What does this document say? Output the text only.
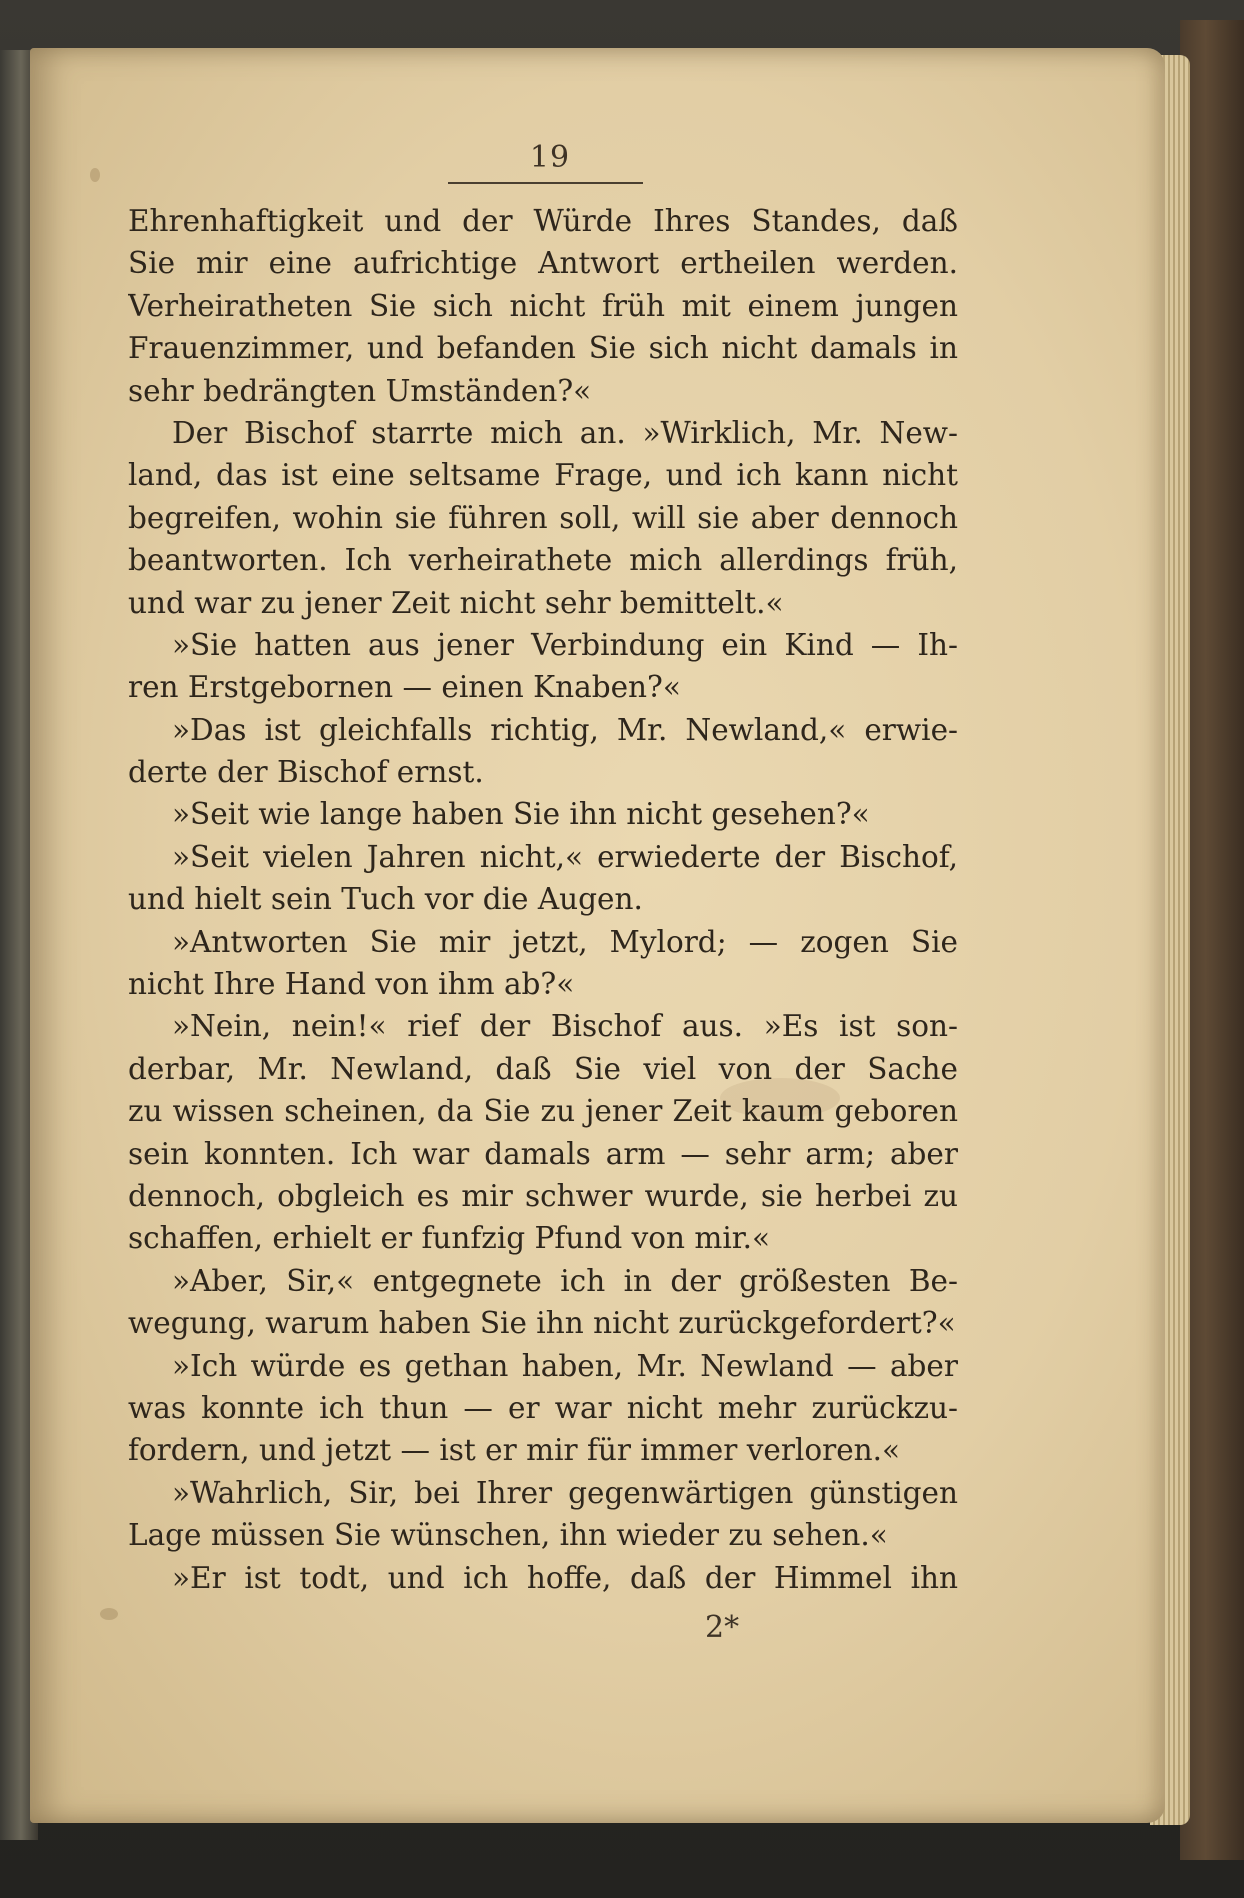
19
Ehrenhaftigkeit und der Würde Ihres Standes, daß
Sie mir eine aufrichtige Antwort ertheilen werden.
Verheiratheten Sie sich nicht früh mit einem jungen
Frauenzimmer, und befanden Sie sich nicht damals in
sehr bedrängten Umständen?«
Der Bischof starrte mich an. »Wirklich, Mr. New-
land, das ist eine seltsame Frage, und ich kann nicht
begreifen, wohin sie führen soll, will sie aber dennoch
beantworten. Ich verheirathete mich allerdings früh,
und war zu jener Zeit nicht sehr bemittelt.«
»Sie hatten aus jener Verbindung ein Kind — Ih-
ren Erstgebornen — einen Knaben?«
»Das ist gleichfalls richtig, Mr. Newland,« erwie-
derte der Bischof ernst.
»Seit wie lange haben Sie ihn nicht gesehen?«
»Seit vielen Jahren nicht,« erwiederte der Bischof,
und hielt sein Tuch vor die Augen.
»Antworten Sie mir jetzt, Mylord; — zogen Sie
nicht Ihre Hand von ihm ab?«
»Nein, nein!« rief der Bischof aus. »Es ist son-
derbar, Mr. Newland, daß Sie viel von der Sache
zu wissen scheinen, da Sie zu jener Zeit kaum geboren
sein konnten. Ich war damals arm — sehr arm; aber
dennoch, obgleich es mir schwer wurde, sie herbei zu
schaffen, erhielt er funfzig Pfund von mir.«
»Aber, Sir,« entgegnete ich in der größesten Be-
wegung, warum haben Sie ihn nicht zurückgefordert?«
»Ich würde es gethan haben, Mr. Newland — aber
was konnte ich thun — er war nicht mehr zurückzu-
fordern, und jetzt — ist er mir für immer verloren.«
»Wahrlich, Sir, bei Ihrer gegenwärtigen günstigen
Lage müssen Sie wünschen, ihn wieder zu sehen.«
»Er ist todt, und ich hoffe, daß der Himmel ihn
2*
